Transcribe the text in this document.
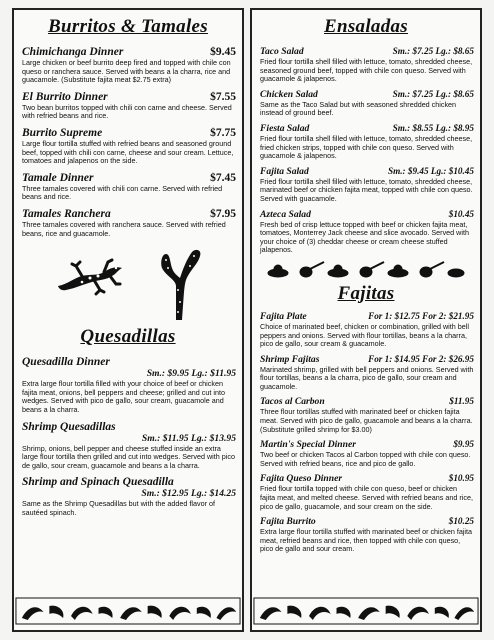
Burritos & Tamales
Chimichanga Dinner	$9.45
Large chicken or beef burrito deep fired and topped with chile con queso or ranchera sauce. Served with beans a la charra, rice and guacamole. (Substitute fajita meat $2.75 extra)
El Burrito Dinner	$7.55
Two bean burritos topped with chili con carne and cheese. Served with refried beans and rice.
Burrito Supreme	$7.75
Large flour tortilla stuffed with refried beans and seasoned ground beef, topped with chili con carne, cheese and sour cream. Lettuce, tomatoes and jalapenos on the side.
Tamale Dinner	$7.45
Three tamales covered with chili con carne. Served with refried beans and rice.
Tamales Ranchera	$7.95
Three tamales covered with ranchera sauce. Served with refried beans, rice and guacamole.
Quesadillas
Quesadilla Dinner
Sm.: $9.95 Lg.: $11.95
Extra large flour tortilla filled with your choice of beef or chicken fajita meat, onions, bell peppers and cheese; grilled and cut into wedges. Served with pico de gallo, sour cream, guacamole and beans a la charra.
Shrimp Quesadillas
Sm.: $11.95 Lg.: $13.95
Shrimp, onions, bell pepper and cheese stuffed inside an extra large flour tortilla then grilled and cut into wedges. Served with pico de gallo, sour cream, guacamole and beans a la charra.
Shrimp and Spinach Quesadilla
Sm.: $12.95 Lg.: $14.25
Same as the Shrimp Quesadillas but with the added flavor of sautéed spinach.
Ensaladas
Taco Salad	Sm.: $7.25 Lg.: $8.65
Fried flour tortilla shell filled with lettuce, tomato, shredded cheese, seasoned ground beef, topped with chile con queso. Served with guacamole & jalapenos.
Chicken Salad	Sm.: $7.25 Lg.: $8.65
Same as the Taco Salad but with seasoned shredded chicken instead of ground beef.
Fiesta Salad	Sm.: $8.55 Lg.: $8.95
Fried flour tortilla shell filled with lettuce, tomato, shredded cheese, fried chicken strips, topped with chile con queso. Served with guacamole & jalapenos.
Fajita Salad	Sm.: $9.45 Lg.: $10.45
Fried flour tortilla shell filled with lettuce, tomato, shredded cheese, marinated beef or chicken fajita meat, topped with chile con queso. Served with guacamole.
Azteca Salad	$10.45
Fresh bed of crisp lettuce topped with beef or chicken fajita meat, tomatoes, Monterrey Jack cheese and slice avocado. Served with your choice of (3) cheddar cheese or cream cheese stuffed jalapenos.
Fajitas
Fajita Plate	For 1: $12.75 For 2: $21.95
Choice of marinated beef, chicken or combination, grilled with bell peppers and onions. Served with flour tortillas, beans a la charra, pico de gallo, sour cream & guacamole.
Shrimp Fajitas	For 1: $14.95 For 2: $26.95
Marinated shrimp, grilled with bell peppers and onions. Served with flour tortillas, beans a la charra, pico de gallo, sour cream and guacamole.
Tacos al Carbon	$11.95
Three flour tortillas stuffed with marinated beef or chicken fajita meat. Served with pico de gallo, guacamole and beans a la charra. (Substitute grilled shrimp for $3.00)
Martin's Special Dinner	$9.95
Two beef or chicken Tacos al Carbon topped with chile con queso. Served with refried beans, rice and pico de gallo.
Fajita Queso Dinner	$10.95
Fried flour tortilla topped with chile con queso, beef or chicken fajita meat, and melted cheese. Served with refried beans and rice, pico de gallo, guacamole, and sour cream on the side.
Fajita Burrito	$10.25
Extra large flour tortilla stuffed with marinated beef or chicken fajita meat, refried beans and rice, then topped with chile con queso, pico de gallo and sour cream.
